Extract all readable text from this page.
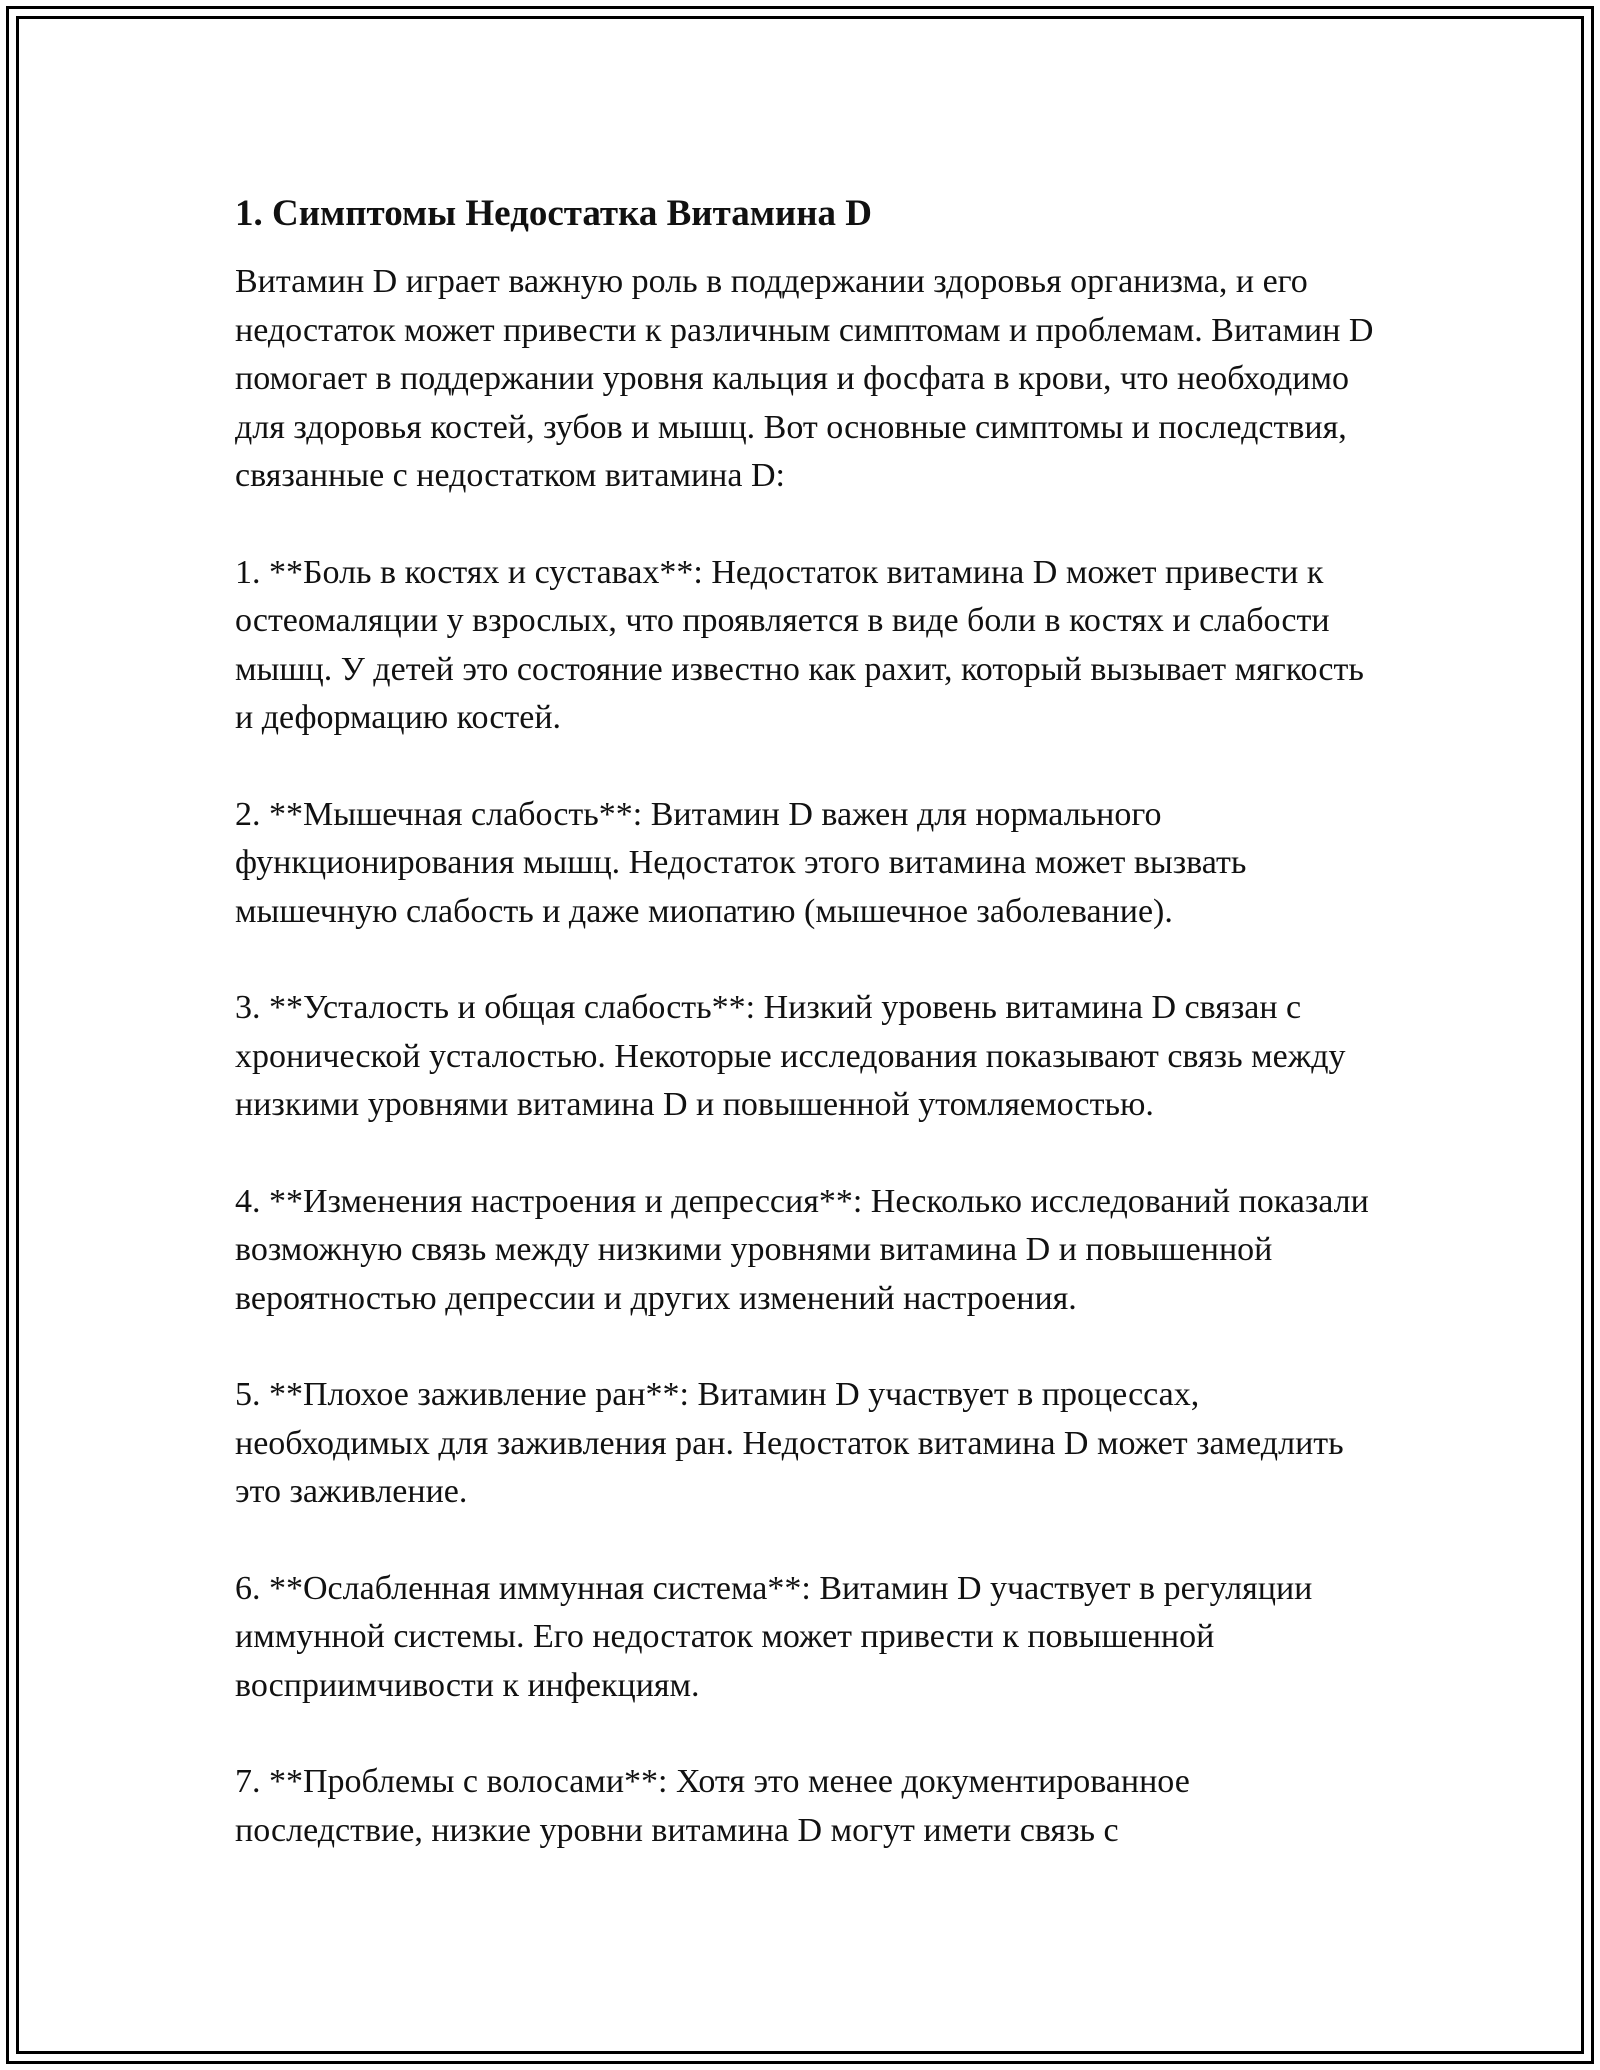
1. Симптомы Недостатка Витамина D
Витамин D играет важную роль в поддержании здоровья организма, и его недостаток может привести к различным симптомам и проблемам. Витамин D помогает в поддержании уровня кальция и фосфата в крови, что необходимо для здоровья костей, зубов и мышц. Вот основные симптомы и последствия, связанные с недостатком витамина D:
1. **Боль в костях и суставах**: Недостаток витамина D может привести к остеомаляции у взрослых, что проявляется в виде боли в костях и слабости мышц. У детей это состояние известно как рахит, который вызывает мягкость и деформацию костей.
2. **Мышечная слабость**: Витамин D важен для нормального функционирования мышц. Недостаток этого витамина может вызвать мышечную слабость и даже миопатию (мышечное заболевание).
3. **Усталость и общая слабость**: Низкий уровень витамина D связан с хронической усталостью. Некоторые исследования показывают связь между низкими уровнями витамина D и повышенной утомляемостью.
4. **Изменения настроения и депрессия**: Несколько исследований показали возможную связь между низкими уровнями витамина D и повышенной вероятностью депрессии и других изменений настроения.
5. **Плохое заживление ран**: Витамин D участвует в процессах, необходимых для заживления ран. Недостаток витамина D может замедлить это заживление.
6. **Ослабленная иммунная система**: Витамин D участвует в регуляции иммунной системы. Его недостаток может привести к повышенной восприимчивости к инфекциям.
7. **Проблемы с волосами**: Хотя это менее документированное последствие, низкие уровни витамина D могут имети связь с
